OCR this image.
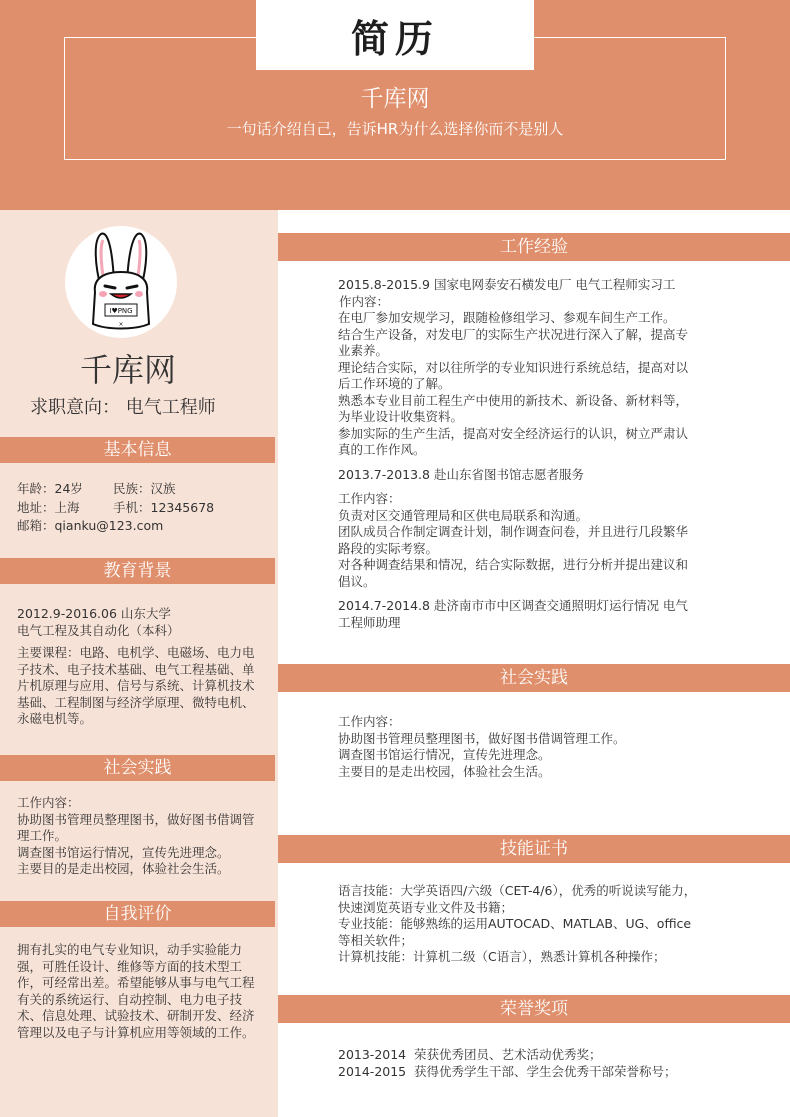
简历
千库网
一句话介绍自己，告诉HR为什么选择你而不是别人
I♥PNG
×
千库网
求职意向： 电气工程师
基本信息
年龄：24岁 民族：汉族
地址：上海	手机：12345678
邮箱：qianku@123.com
教育背景

2012.9-2016.06 山东大学

电气工程及其自动化（本科）

主要课程：电路、电机学、电磁场、电力电子技术、电子技术基础、电气工程基础、单片机原理与应用、信号与系统、计算机技术基础、工程制图与经济学原理、微特电机、永磁电机等。

社会实践

工作内容：

协助图书管理员整理图书，做好图书借调管理工作。

调查图书馆运行情况，宣传先进理念。

主要目的是走出校园，体验社会生活。

自我评价
拥有扎实的电气专业知识，动手实验能力强，可胜任设计、维修等方面的技术型工作，可经常出差。希望能够从事与电气工程有关的系统运行、自动控制、电力电子技术、信息处理、试验技术、研制开发、经济管理以及电子与计算机应用等领域的工作。
工作经验

2015.8-2015.9 国家电网泰安石横发电厂 电气工程师实习工

作内容：

在电厂参加安规学习，跟随检修组学习、参观车间生产工作。

结合生产设备，对发电厂的实际生产状况进行深入了解，提高专业素养。

理论结合实际，对以往所学的专业知识进行系统总结，提高对以后工作环境的了解。

熟悉本专业目前工程生产中使用的新技术、新设备、新材料等，为毕业设计收集资料。

参加实际的生产生活，提高对安全经济运行的认识，树立严肃认真的工作作风。

2013.7-2013.8 赴山东省图书馆志愿者服务

工作内容：

负责对区交通管理局和区供电局联系和沟通。

团队成员合作制定调查计划，制作调查问卷，并且进行几段繁华路段的实际考察。

对各种调查结果和情况，结合实际数据，进行分析并提出建议和倡议。

2014.7-2014.8 赴济南市市中区调查交通照明灯运行情况 电气工程师助理

社会实践

工作内容：

协助图书管理员整理图书，做好图书借调管理工作。

调查图书馆运行情况，宣传先进理念。

主要目的是走出校园，体验社会生活。

技能证书

语言技能：大学英语四/六级（CET-4/6），优秀的听说读写能力，快速浏览英语专业文件及书籍；

专业技能：能够熟练的运用AUTOCAD、MATLAB、UG、office等相关软件；

计算机技能：计算机二级（C语言），熟悉计算机各种操作；

荣誉奖项

2013-2014 荣获优秀团员、艺术活动优秀奖；

2014-2015 获得优秀学生干部、学生会优秀干部荣誉称号；
